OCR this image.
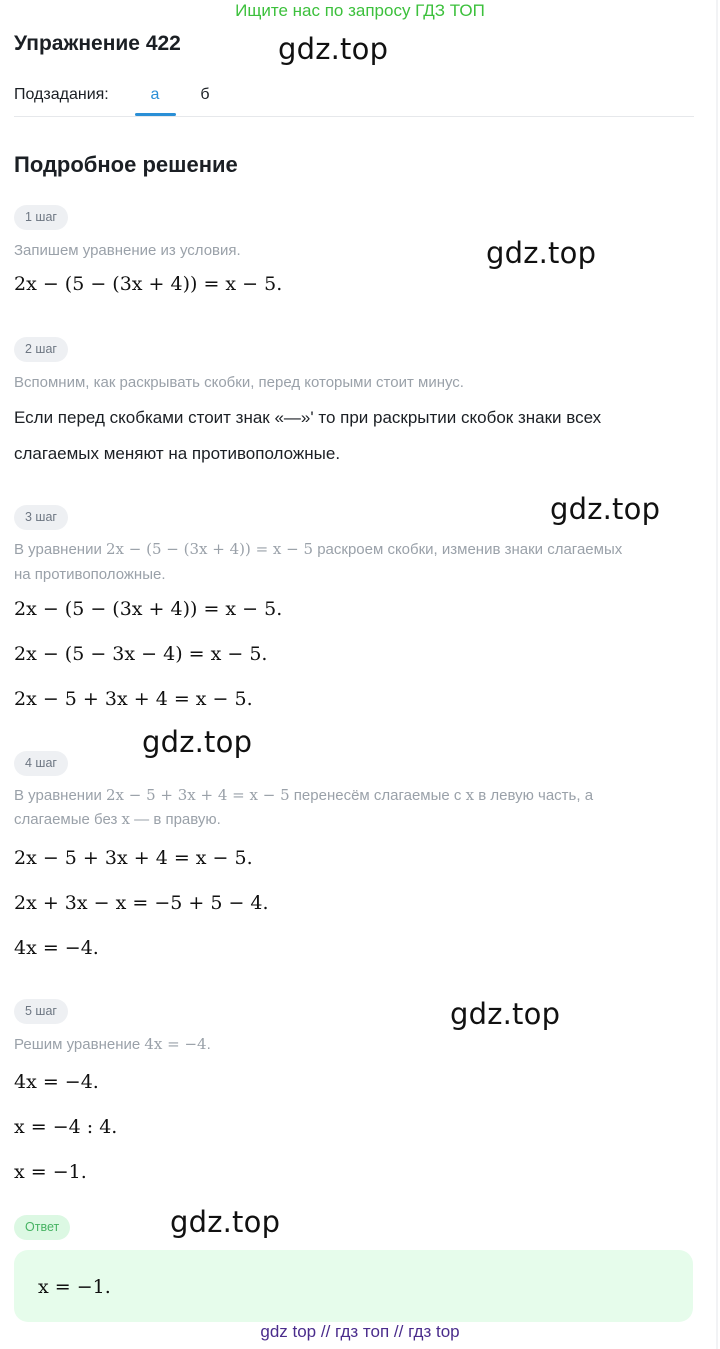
Ищите нас по запросу ГДЗ ТОП
Упражнение 422	gdz.top
Подзадания:	а	б
Подробное решение
1 шаг
Запишем уравнение из условия.	gdz.top
2x − (5 − (3x + 4)) = x − 5.
2 шаг
Вспомним, как раскрывать скобки, перед которыми стоит минус.
Если перед скобками стоит знак «—»' то при раскрытии скобок знаки всех
слагаемых меняют на противоположные.
3 шаг	gdz.top
В уравнении 2x − (5 − (3x + 4)) = x − 5 раскроем скобки, изменив знаки слагаемых
на противоположные.
2x − (5 − (3x + 4)) = x − 5.
2x − (5 − 3x − 4) = x − 5.
2x − 5 + 3x + 4 = x − 5.
gdz.top
4 шаг
В уравнении 2x − 5 + 3x + 4 = x − 5 перенесём слагаемые с x в левую часть, а
слагаемые без x — в правую.
2x − 5 + 3x + 4 = x − 5.
2x + 3x − x = −5 + 5 − 4.
4x = −4.
5 шаг	gdz.top
Решим уравнение 4x = −4.
4x = −4.
x = −4 : 4.
x = −1.
Ответ	gdz.top
x = −1.
gdz top // гдз топ // гдз top
